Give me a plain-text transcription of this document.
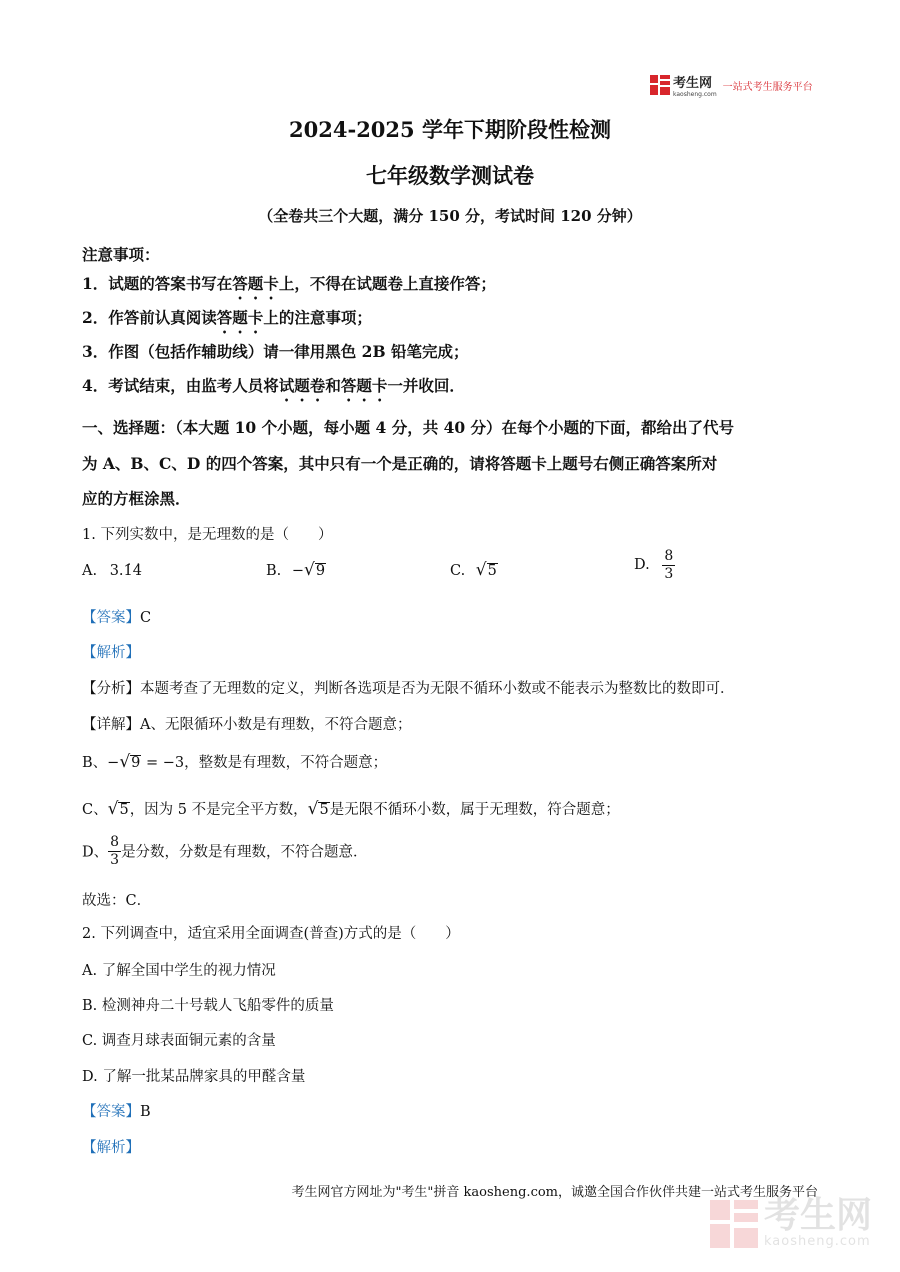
考生网
kaosheng.com
一站式考生服务平台
2024-2025 学年下期阶段性检测
七年级数学测试卷
（全卷共三个大题，满分 150 分，考试时间 120 分钟）
注意事项：
1．试题的答案书写在答题卡上，不得在试题卷上直接作答；
2．作答前认真阅读答题卡上的注意事项；
3．作图（包括作辅助线）请一律用黑色 2B 铅笔完成；
4．考试结束，由监考人员将试题卷和答题卡一并收回．
一、选择题：（本大题 10 个小题，每小题 4 分，共 40 分）在每个小题的下面，都给出了代号
为 A、B、C、D 的四个答案，其中只有一个是正确的，请将答题卡上题号右侧正确答案所对
应的方框涂黑．
1. 下列实数中，是无理数的是（　　）
A. 3.1̇4̇	B. − √ 9	C. √ 5	D. $\frac{8}{3}$
【答案】C
【解析】
【分析】本题考查了无理数的定义，判断各选项是否为无限不循环小数或不能表示为整数比的数即可．
【详解】A、无限循环小数是有理数，不符合题意；
B、− √ 9 = −3，整数是有理数，不符合题意；
C、 √ 5 ，因为 5 不是完全平方数， √ 5 是无限不循环小数，属于无理数，符合题意；
D、 $\frac{8}{3}$ 是分数，分数是有理数，不符合题意．
故选：C．
2. 下列调查中，适宜采用全面调查(普查)方式的是（　　）
A. 了解全国中学生的视力情况
B. 检测神舟二十号载人飞船零件的质量
C. 调查月球表面铜元素的含量
D. 了解一批某品牌家具的甲醛含量
【答案】B
【解析】
考生网官方网址为"考生"拼音 kaosheng.com，诚邀全国合作伙伴共建一站式考生服务平台
考生网
kaosheng.com
